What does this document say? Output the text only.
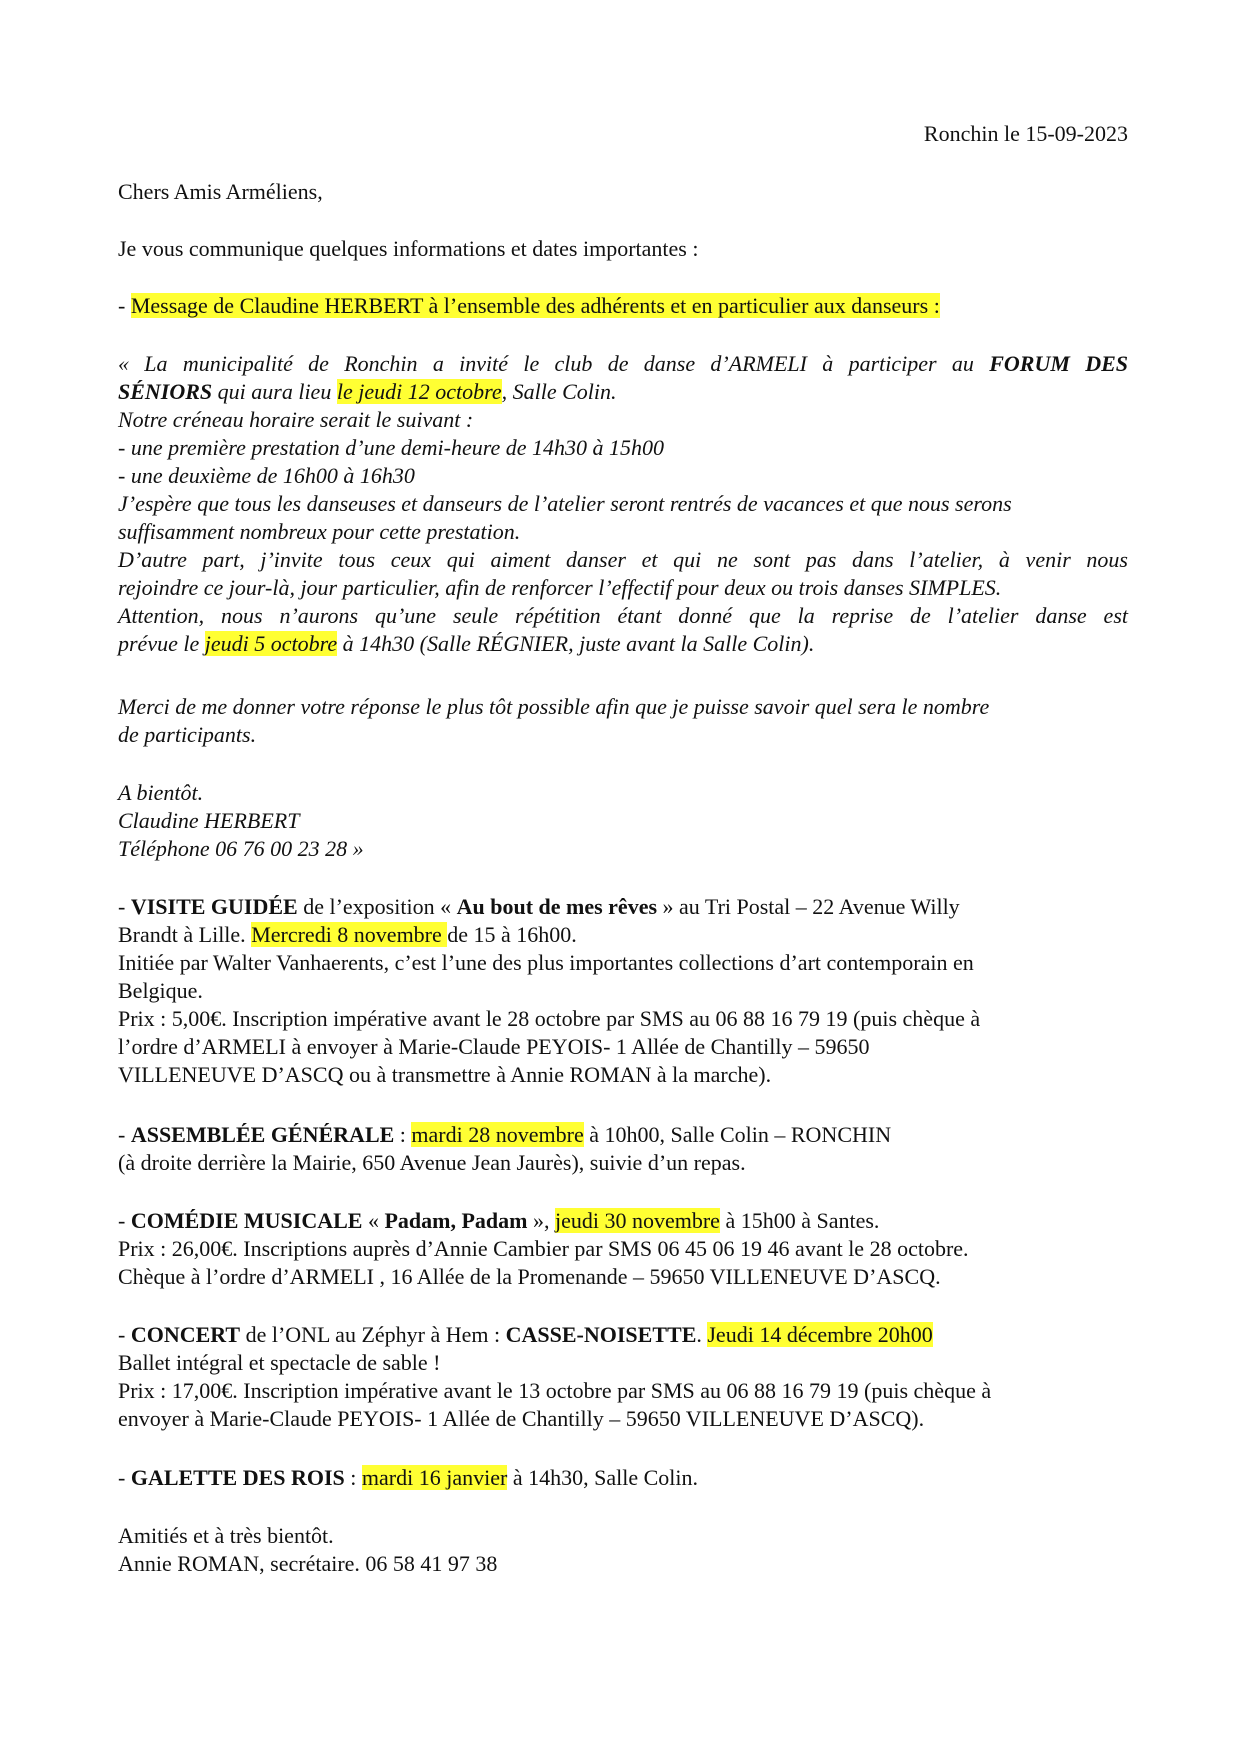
Ronchin le 15-09-2023

Chers Amis Arméliens,

Je vous communique quelques informations et dates importantes :

- Message de Claudine HERBERT à l’ensemble des adhérents et en particulier aux danseurs :

« La municipalité de Ronchin a invité le club de danse d’ARMELI à participer au FORUM DES
SÉNIORS qui aura lieu le jeudi 12 octobre, Salle Colin.
Notre créneau horaire serait le suivant :
- une première prestation d’une demi-heure de 14h30 à 15h00
- une deuxième de 16h00 à 16h30
J’espère que tous les danseuses et danseurs de l’atelier seront rentrés de vacances et que nous serons
suffisamment nombreux pour cette prestation.
D’autre part, j’invite tous ceux qui aiment danser et qui ne sont pas dans l’atelier, à venir nous
rejoindre ce jour-là, jour particulier, afin de renforcer l’effectif pour deux ou trois danses SIMPLES.
Attention, nous n’aurons qu’une seule répétition étant donné que la reprise de l’atelier danse est
prévue le jeudi 5 octobre à 14h30 (Salle RÉGNIER, juste avant la Salle Colin).
Merci de me donner votre réponse le plus tôt possible afin que je puisse savoir quel sera le nombre
de participants.
A bientôt.
Claudine HERBERT
Téléphone 06 76 00 23 28 »
- VISITE GUIDÉE de l’exposition « Au bout de mes rêves » au Tri Postal – 22 Avenue Willy
Brandt à Lille. Mercredi 8 novembre de 15 à 16h00.
Initiée par Walter Vanhaerents, c’est l’une des plus importantes collections d’art contemporain en
Belgique.
Prix : 5,00€. Inscription impérative avant le 28 octobre par SMS au 06 88 16 79 19 (puis chèque à
l’ordre d’ARMELI à envoyer à Marie-Claude PEYOIS- 1 Allée de Chantilly – 59650
VILLENEUVE D’ASCQ ou à transmettre à Annie ROMAN à la marche).
- ASSEMBLÉE GÉNÉRALE : mardi 28 novembre à 10h00, Salle Colin – RONCHIN
(à droite derrière la Mairie, 650 Avenue Jean Jaurès), suivie d’un repas.
- COMÉDIE MUSICALE « Padam, Padam », jeudi 30 novembre à 15h00 à Santes.
Prix : 26,00€. Inscriptions auprès d’Annie Cambier par SMS 06 45 06 19 46 avant le 28 octobre.
Chèque à l’ordre d’ARMELI , 16 Allée de la Promenande – 59650 VILLENEUVE D’ASCQ.
- CONCERT de l’ONL au Zéphyr à Hem : CASSE-NOISETTE. Jeudi 14 décembre 20h00
Ballet intégral et spectacle de sable !
Prix : 17,00€. Inscription impérative avant le 13 octobre par SMS au 06 88 16 79 19 (puis chèque à
envoyer à Marie-Claude PEYOIS- 1 Allée de Chantilly – 59650 VILLENEUVE D’ASCQ).
- GALETTE DES ROIS : mardi 16 janvier à 14h30, Salle Colin.
Amitiés et à très bientôt.
Annie ROMAN, secrétaire. 06 58 41 97 38
